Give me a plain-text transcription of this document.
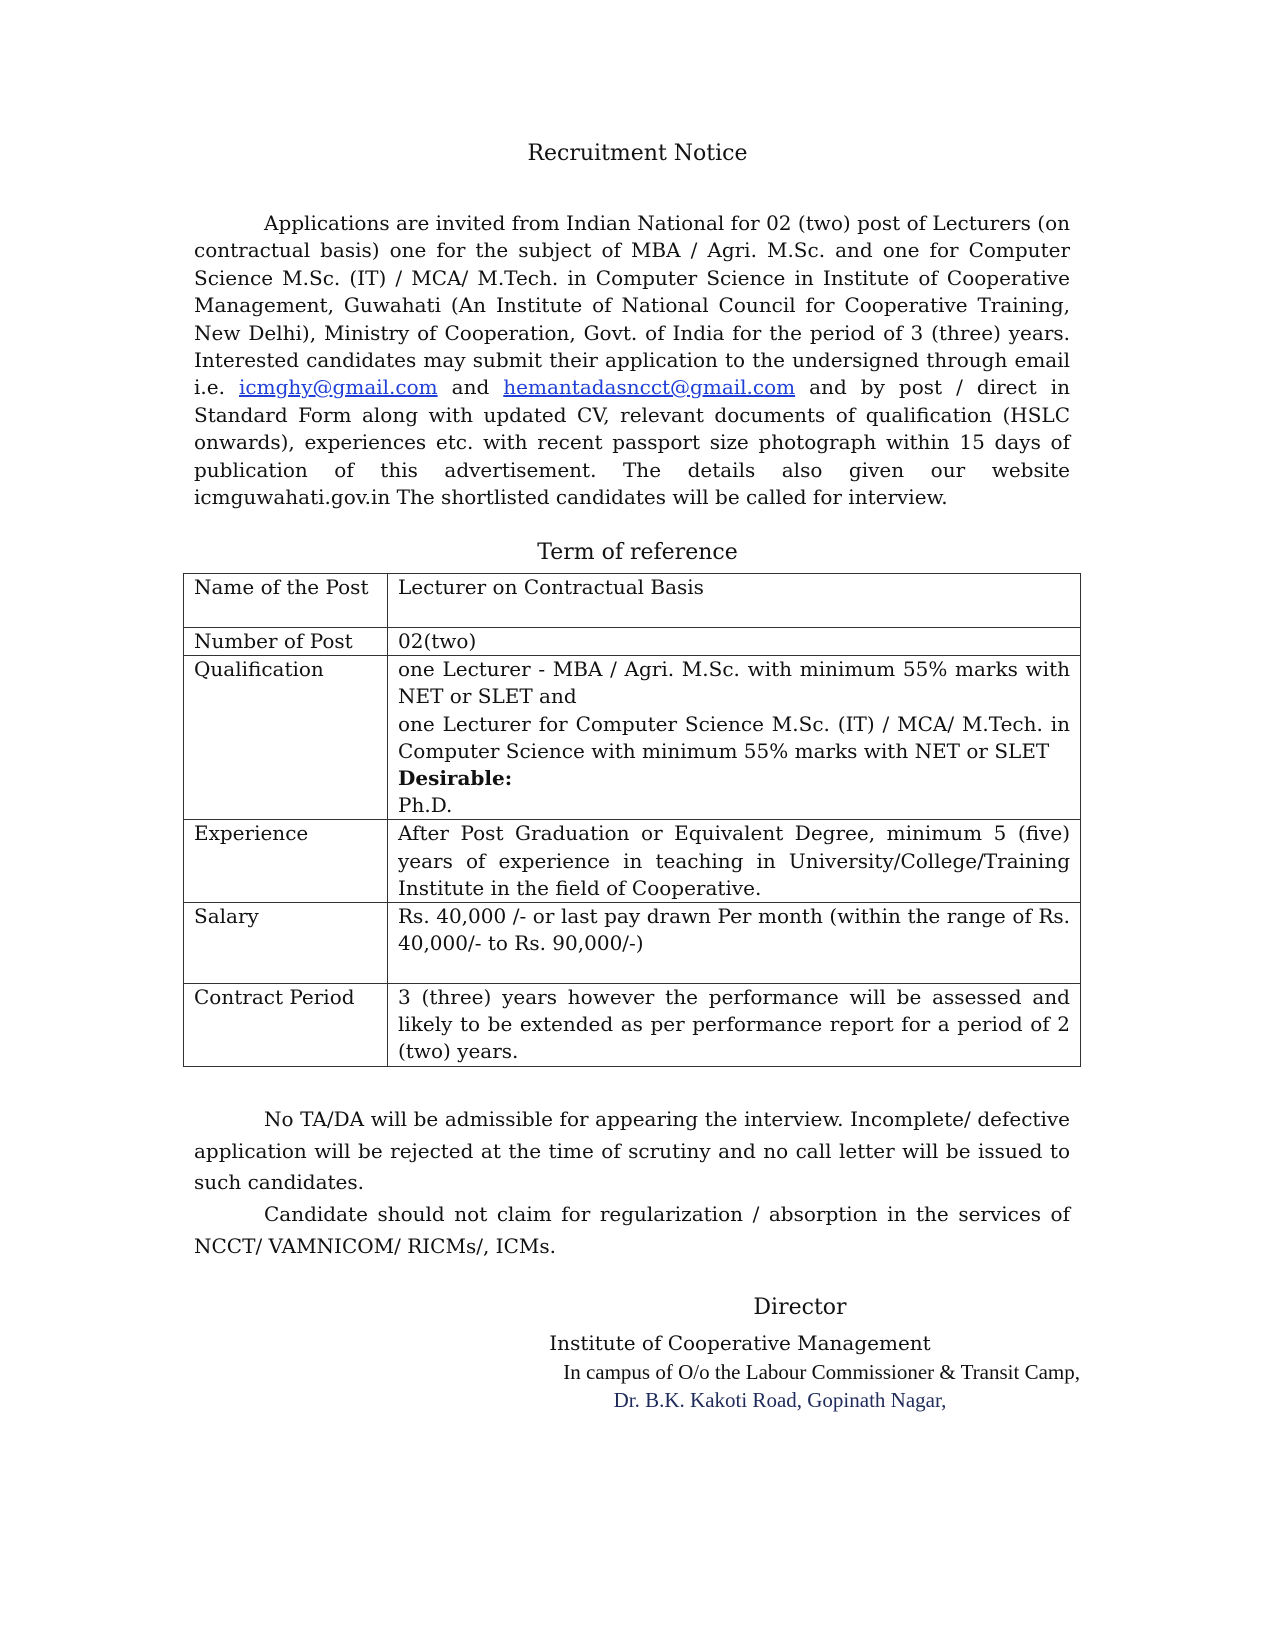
Recruitment Notice

Applications are invited from Indian National for 02 (two) post of Lecturers (on contractual basis) one for the subject of MBA / Agri. M.Sc. and one for Computer Science M.Sc. (IT) / MCA/ M.Tech. in Computer Science in Institute of Cooperative Management, Guwahati (An Institute of National Council for Cooperative Training, New Delhi), Ministry of Cooperation, Govt. of India for the period of 3 (three) years. Interested candidates may submit their application to the undersigned through email i.e. icmghy@gmail.com and hemantadasncct@gmail.com and by post / direct in Standard Form along with updated CV, relevant documents of qualification (HSLC onwards), experiences etc. with recent passport size photograph within 15 days of publication of this advertisement. The details also given our website icmguwahati.gov.in The shortlisted candidates will be called for interview.

Term of reference
Name of the Post	Lecturer on Contractual Basis
Number of Post	02(two)
Qualification	one Lecturer - MBA / Agri. M.Sc. with minimum 55% marks with NET or SLET and
one Lecturer for Computer Science M.Sc. (IT) / MCA/ M.Tech. in Computer Science with minimum 55% marks with NET or SLET
Desirable:
Ph.D.

Experience	After Post Graduation or Equivalent Degree, minimum 5 (five) years of experience in teaching in University/College/Training Institute in the field of Cooperative.
Salary	Rs. 40,000 /- or last pay drawn Per month (within the range of Rs. 40,000/- to Rs. 90,000/-)
Contract Period	3 (three) years however the performance will be assessed and likely to be extended as per performance report for a period of 2 (two) years.

No TA/DA will be admissible for appearing the interview. Incomplete/ defective application will be rejected at the time of scrutiny and no call letter will be issued to such candidates.

Candidate should not claim for regularization / absorption in the services of NCCT/ VAMNICOM/ RICMs/, ICMs.

Director
Institute of Cooperative Management
In campus of O/o the Labour Commissioner & Transit Camp,
Dr. B.K. Kakoti Road, Gopinath Nagar,
